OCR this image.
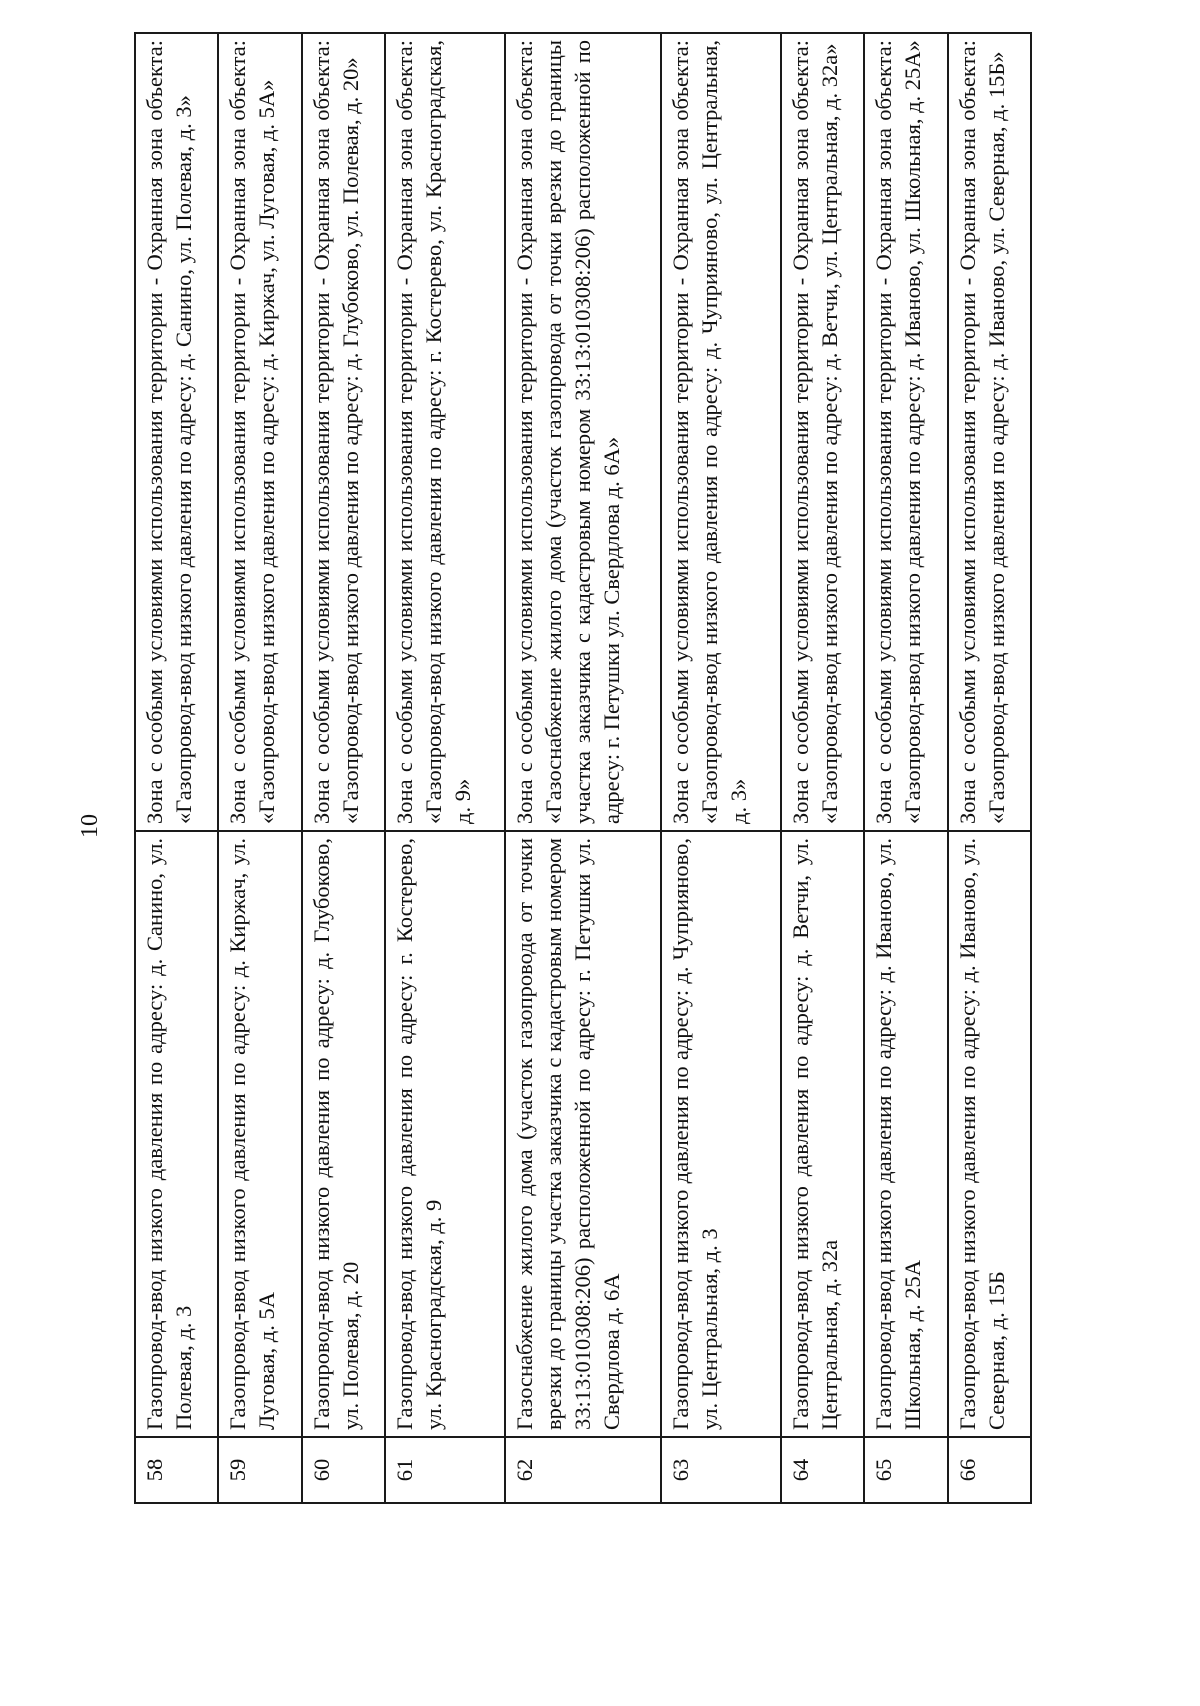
10
58	Газопровод-ввод низкого давления по адресу: д. Санино, ул. Полевая, д. 3	Зона с особыми условиями использования территории - Охранная зона объекта: «Газопровод-ввод низкого давления по адресу: д. Санино, ул. Полевая, д. 3»
59	Газопровод-ввод низкого давления по адресу: д. Киржач, ул. Луговая, д. 5А	Зона с особыми условиями использования территории - Охранная зона объекта: «Газопровод-ввод низкого давления по адресу: д. Киржач, ул. Луговая, д. 5А»
60	Газопровод-ввод низкого давления по адресу: д. Глубоково, ул. Полевая, д. 20	Зона с особыми условиями использования территории - Охранная зона объекта: «Газопровод-ввод низкого давления по адресу: д. Глубоково, ул. Полевая, д. 20»
61	Газопровод-ввод низкого давления по адресу: г. Костерево, ул. Красноградская, д. 9	Зона с особыми условиями использования территории - Охранная зона объекта: «Газопровод-ввод низкого давления по адресу: г. Костерево, ул. Красноградская, д. 9»
62	Газоснабжение жилого дома (участок газопровода от точки врезки до границы участка заказчика с кадастровым номером 33:13:010308:206) расположенной по адресу: г. Петушки ул. Свердлова д. 6А	Зона с особыми условиями использования территории - Охранная зона объекта: «Газоснабжение жилого дома (участок газопровода от точки врезки до границы участка заказчика с кадастровым номером 33:13:010308:206) расположенной по адресу: г. Петушки ул. Свердлова д. 6А»
63	Газопровод-ввод низкого давления по адресу: д. Чуприяново, ул. Центральная, д. 3	Зона с особыми условиями использования территории - Охранная зона объекта: «Газопровод-ввод низкого давления по адресу: д. Чуприяново, ул. Центральная, д. 3»
64	Газопровод-ввод низкого давления по адресу: д. Ветчи, ул. Центральная, д. 32а	Зона с особыми условиями использования территории - Охранная зона объекта: «Газопровод-ввод низкого давления по адресу: д. Ветчи, ул. Центральная, д. 32а»
65	Газопровод-ввод низкого давления по адресу: д. Иваново, ул. Школьная, д. 25А	Зона с особыми условиями использования территории - Охранная зона объекта: «Газопровод-ввод низкого давления по адресу: д. Иваново, ул. Школьная, д. 25А»
66	Газопровод-ввод низкого давления по адресу: д. Иваново, ул. Северная, д. 15Б	Зона с особыми условиями использования территории - Охранная зона объекта: «Газопровод-ввод низкого давления по адресу: д. Иваново, ул. Северная, д. 15Б»
